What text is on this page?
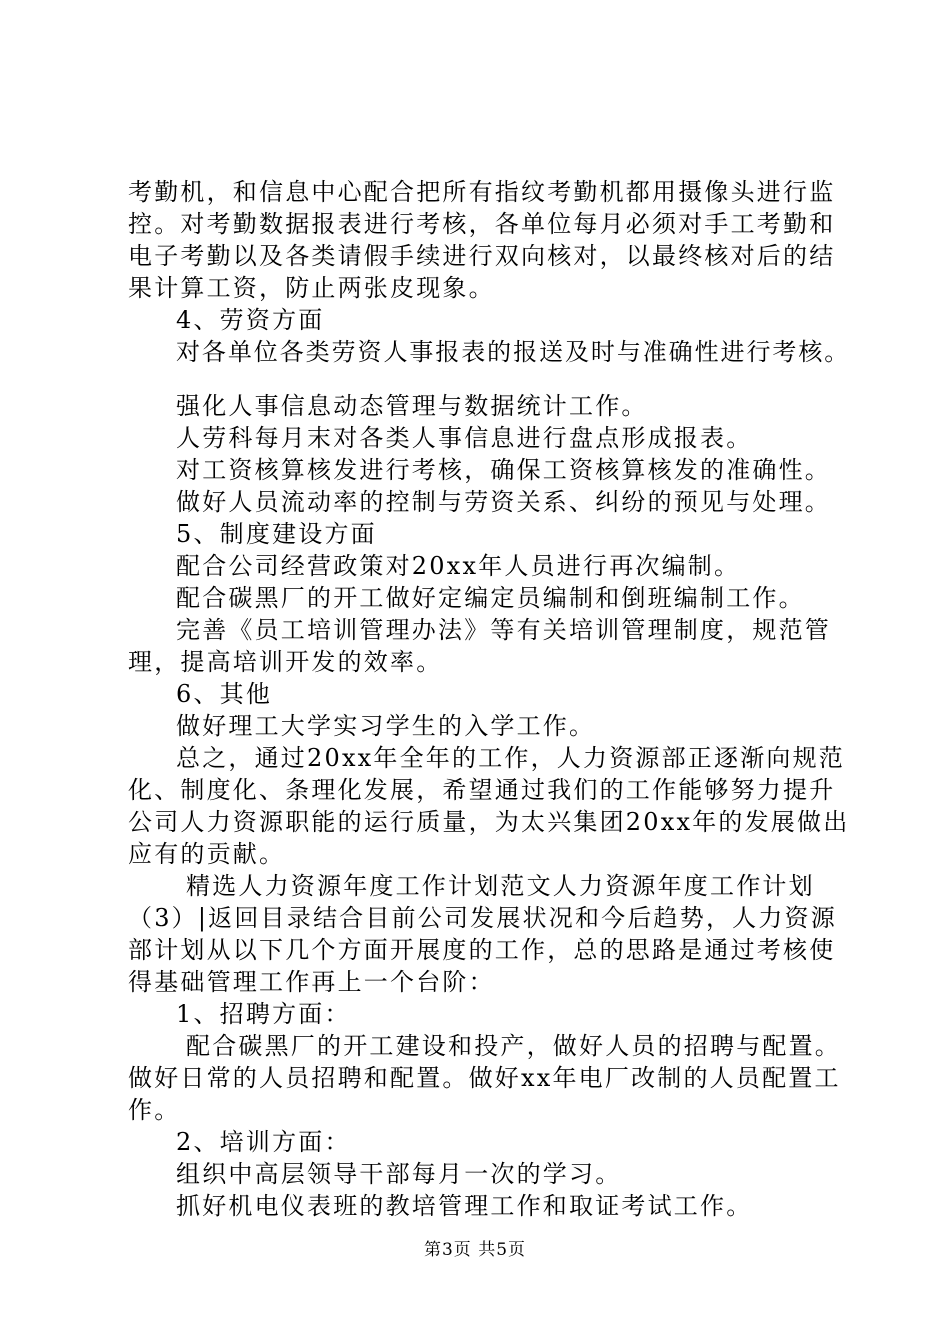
考勤机，和信息中心配合把所有指纹考勤机都用摄像头进行监
控。对考勤数据报表进行考核，各单位每月必须对手工考勤和
电子考勤以及各类请假手续进行双向核对，以最终核对后的结
果计算工资，防止两张皮现象。
4、劳资方面
对各单位各类劳资人事报表的报送及时与准确性进行考核。
强化人事信息动态管理与数据统计工作。
人劳科每月末对各类人事信息进行盘点形成报表。
对工资核算核发进行考核，确保工资核算核发的准确性。
做好人员流动率的控制与劳资关系、纠纷的预见与处理。
5、制度建设方面
配合公司经营政策对20xx年人员进行再次编制。
配合碳黑厂的开工做好定编定员编制和倒班编制工作。
完善《员工培训管理办法》等有关培训管理制度，规范管
理，提高培训开发的效率。
6、其他
做好理工大学实习学生的入学工作。
总之，通过20xx年全年的工作，人力资源部正逐渐向规范
化、制度化、条理化发展，希望通过我们的工作能够努力提升
公司人力资源职能的运行质量，为太兴集团20xx年的发展做出
应有的贡献。
精选人力资源年度工作计划范文人力资源年度工作计划
（3）|返回目录结合目前公司发展状况和今后趋势，人力资源
部计划从以下几个方面开展度的工作，总的思路是通过考核使
得基础管理工作再上一个台阶：
1、招聘方面：
配合碳黑厂的开工建设和投产，做好人员的招聘与配置。
做好日常的人员招聘和配置。做好xx年电厂改制的人员配置工
作。
2、培训方面：
组织中高层领导干部每月一次的学习。
抓好机电仪表班的教培管理工作和取证考试工作。
第3页 共5页
